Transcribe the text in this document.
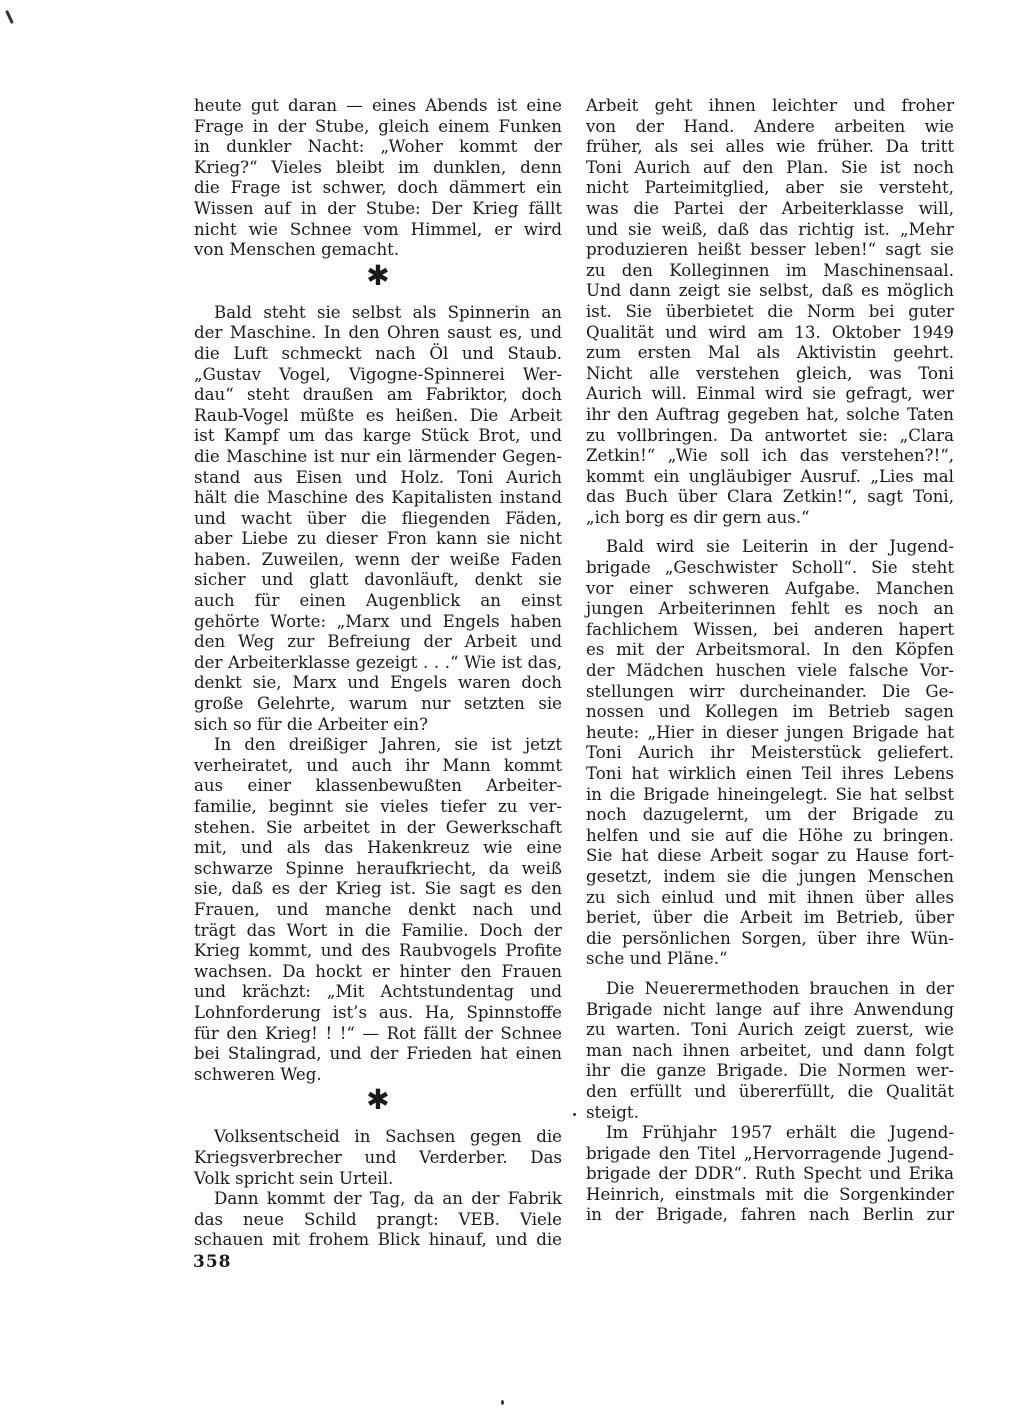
heute gut daran — eines Abends ist eine
Frage in der Stube, gleich einem Funken
in dunkler Nacht: „Woher kommt der
Krieg?“ Vieles bleibt im dunklen, denn
die Frage ist schwer, doch dämmert ein
Wissen auf in der Stube: Der Krieg fällt
nicht wie Schnee vom Himmel, er wird
von Menschen gemacht.
✱
Bald steht sie selbst als Spinnerin an
der Maschine. In den Ohren saust es, und
die Luft schmeckt nach Öl und Staub.
„Gustav Vogel, Vigogne-Spinnerei Wer-
dau“ steht draußen am Fabriktor, doch
Raub-Vogel müßte es heißen. Die Arbeit
ist Kampf um das karge Stück Brot, und
die Maschine ist nur ein lärmender Gegen-
stand aus Eisen und Holz. Toni Aurich
hält die Maschine des Kapitalisten instand
und wacht über die fliegenden Fäden,
aber Liebe zu dieser Fron kann sie nicht
haben. Zuweilen, wenn der weiße Faden
sicher und glatt davonläuft, denkt sie
auch für einen Augenblick an einst
gehörte Worte: „Marx und Engels haben
den Weg zur Befreiung der Arbeit und
der Arbeiterklasse gezeigt . . .“ Wie ist das,
denkt sie, Marx und Engels waren doch
große Gelehrte, warum nur setzten sie
sich so für die Arbeiter ein?
In den dreißiger Jahren, sie ist jetzt
verheiratet, und auch ihr Mann kommt
aus einer klassenbewußten Arbeiter-
familie, beginnt sie vieles tiefer zu ver-
stehen. Sie arbeitet in der Gewerkschaft
mit, und als das Hakenkreuz wie eine
schwarze Spinne heraufkriecht, da weiß
sie, daß es der Krieg ist. Sie sagt es den
Frauen, und manche denkt nach und
trägt das Wort in die Familie. Doch der
Krieg kommt, und des Raubvogels Profite
wachsen. Da hockt er hinter den Frauen
und krächzt: „Mit Achtstundentag und
Lohnforderung ist’s aus. Ha, Spinnstoffe
für den Krieg! ! !“ — Rot fällt der Schnee
bei Stalingrad, und der Frieden hat einen
schweren Weg.
✱
Volksentscheid in Sachsen gegen die
Kriegsverbrecher und Verderber. Das
Volk spricht sein Urteil.
Dann kommt der Tag, da an der Fabrik
das neue Schild prangt: VEB. Viele
schauen mit frohem Blick hinauf, und die
Arbeit geht ihnen leichter und froher
von der Hand. Andere arbeiten wie
früher, als sei alles wie früher. Da tritt
Toni Aurich auf den Plan. Sie ist noch
nicht Parteimitglied, aber sie versteht,
was die Partei der Arbeiterklasse will,
und sie weiß, daß das richtig ist. „Mehr
produzieren heißt besser leben!“ sagt sie
zu den Kolleginnen im Maschinensaal.
Und dann zeigt sie selbst, daß es möglich
ist. Sie überbietet die Norm bei guter
Qualität und wird am 13. Oktober 1949
zum ersten Mal als Aktivistin geehrt.
Nicht alle verstehen gleich, was Toni
Aurich will. Einmal wird sie gefragt, wer
ihr den Auftrag gegeben hat, solche Taten
zu vollbringen. Da antwortet sie: „Clara
Zetkin!“ „Wie soll ich das verstehen?!“,
kommt ein ungläubiger Ausruf. „Lies mal
das Buch über Clara Zetkin!“, sagt Toni,
„ich borg es dir gern aus.“
Bald wird sie Leiterin in der Jugend-
brigade „Geschwister Scholl“. Sie steht
vor einer schweren Aufgabe. Manchen
jungen Arbeiterinnen fehlt es noch an
fachlichem Wissen, bei anderen hapert
es mit der Arbeitsmoral. In den Köpfen
der Mädchen huschen viele falsche Vor-
stellungen wirr durcheinander. Die Ge-
nossen und Kollegen im Betrieb sagen
heute: „Hier in dieser jungen Brigade hat
Toni Aurich ihr Meisterstück geliefert.
Toni hat wirklich einen Teil ihres Lebens
in die Brigade hineingelegt. Sie hat selbst
noch dazugelernt, um der Brigade zu
helfen und sie auf die Höhe zu bringen.
Sie hat diese Arbeit sogar zu Hause fort-
gesetzt, indem sie die jungen Menschen
zu sich einlud und mit ihnen über alles
beriet, über die Arbeit im Betrieb, über
die persönlichen Sorgen, über ihre Wün-
sche und Pläne.“
Die Neuerermethoden brauchen in der
Brigade nicht lange auf ihre Anwendung
zu warten. Toni Aurich zeigt zuerst, wie
man nach ihnen arbeitet, und dann folgt
ihr die ganze Brigade. Die Normen wer-
den erfüllt und übererfüllt, die Qualität
steigt.
Im Frühjahr 1957 erhält die Jugend-
brigade den Titel „Hervorragende Jugend-
brigade der DDR“. Ruth Specht und Erika
Heinrich, einstmals mit die Sorgenkinder
in der Brigade, fahren nach Berlin zur
358
